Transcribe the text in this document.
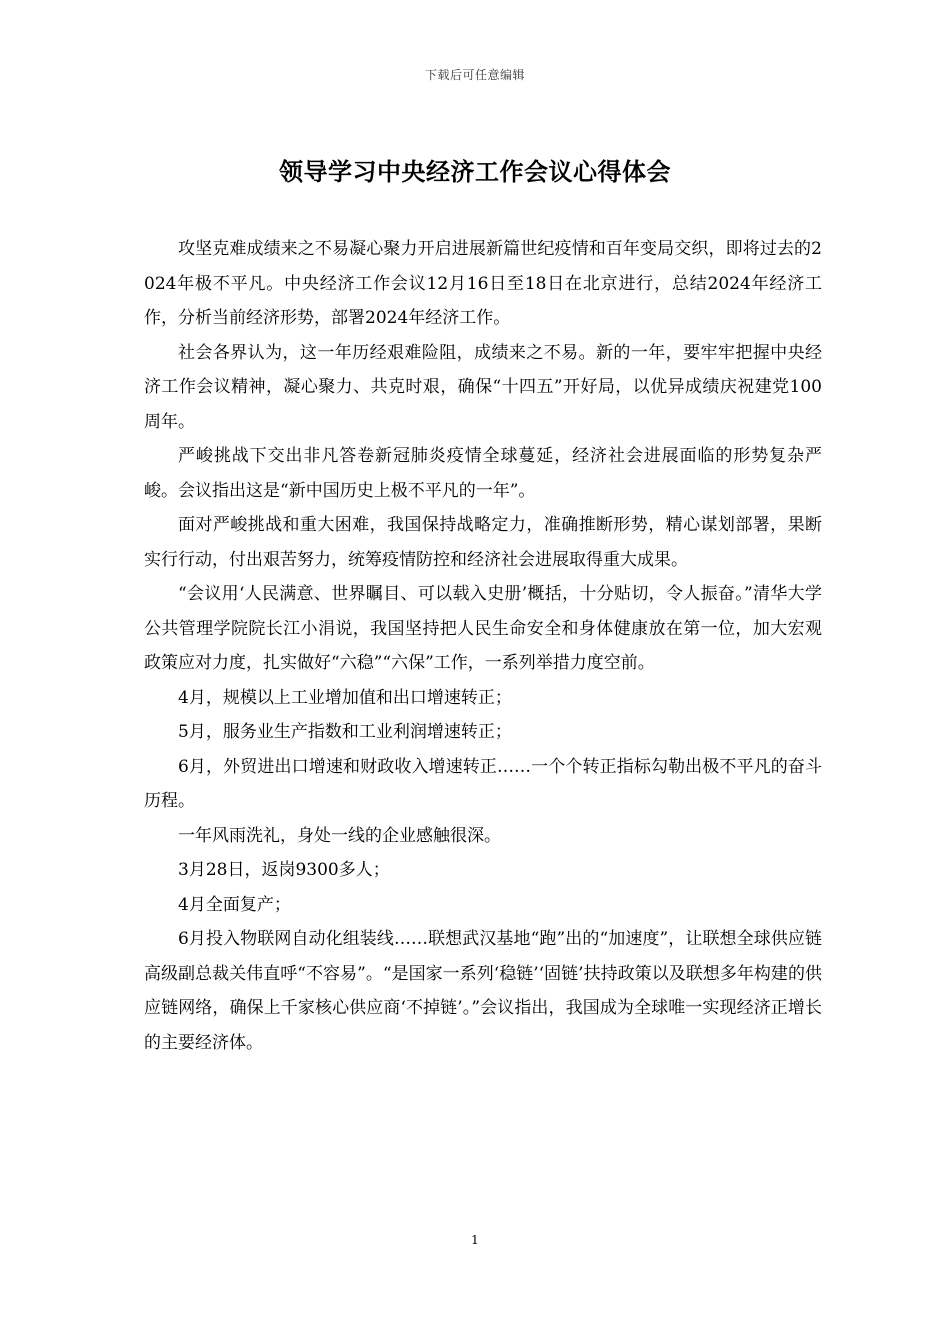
下载后可任意编辑
领导学习中央经济工作会议心得体会

攻坚克难成绩来之不易凝心聚力开启进展新篇世纪疫情和百年变局交织，即将过去的2024年极不平凡。中央经济工作会议12月16日至18日在北京进行，总结2024年经济工作，分析当前经济形势，部署2024年经济工作。

社会各界认为，这一年历经艰难险阻，成绩来之不易。新的一年，要牢牢把握中央经济工作会议精神，凝心聚力、共克时艰，确保“十四五”开好局，以优异成绩庆祝建党100周年。

严峻挑战下交出非凡答卷新冠肺炎疫情全球蔓延，经济社会进展面临的形势复杂严峻。会议指出这是“新中国历史上极不平凡的一年”。

面对严峻挑战和重大困难，我国保持战略定力，准确推断形势，精心谋划部署，果断实行行动，付出艰苦努力，统筹疫情防控和经济社会进展取得重大成果。

“会议用‘人民满意、世界瞩目、可以载入史册’概括，十分贴切，令人振奋。”清华大学公共管理学院院长江小涓说，我国坚持把人民生命安全和身体健康放在第一位，加大宏观政策应对力度，扎实做好“六稳”“六保”工作，一系列举措力度空前。

4月，规模以上工业增加值和出口增速转正；

5月，服务业生产指数和工业利润增速转正；

6月，外贸进出口增速和财政收入增速转正……一个个转正指标勾勒出极不平凡的奋斗历程。

一年风雨洗礼，身处一线的企业感触很深。

3月28日，返岗9300多人；

4月全面复产；

6月投入物联网自动化组装线……联想武汉基地“跑”出的“加速度”，让联想全球供应链高级副总裁关伟直呼“不容易”。“是国家一系列‘稳链’‘固链’扶持政策以及联想多年构建的供应链网络，确保上千家核心供应商‘不掉链’。”会议指出，我国成为全球唯一实现经济正增长的主要经济体。

1
